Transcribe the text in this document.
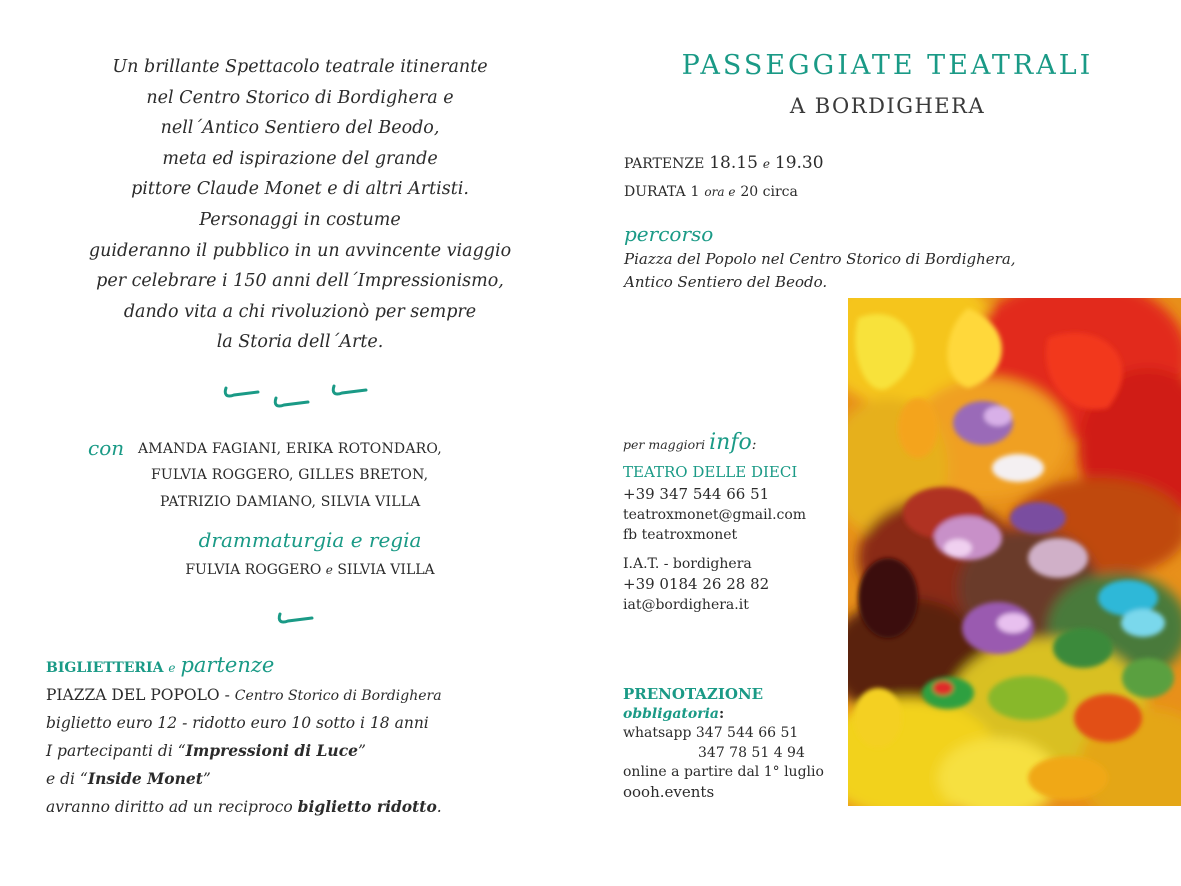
Un brillante Spettacolo teatrale itinerante
nel Centro Storico di Bordighera e
nell´Antico Sentiero del Beodo,
meta ed ispirazione del grande
pittore Claude Monet e di altri Artisti.
Personaggi in costume
guideranno il pubblico in un avvincente viaggio
per celebrare i 150 anni dell´Impressionismo,
dando vita a chi rivoluzionò per sempre
la Storia dell´Arte.
con AMANDA FAGIANI, ERIKA ROTONDARO,
FULVIA ROGGERO, GILLES BRETON,
PATRIZIO DAMIANO, SILVIA VILLA
drammaturgia e regia
FULVIA ROGGERO e SILVIA VILLA
BIGLIETTERIA e partenze
PIAZZA DEL POPOLO - Centro Storico di Bordighera
biglietto euro 12 - ridotto euro 10 sotto i 18 anni
I partecipanti di “Impressioni di Luce”
e di “Inside Monet”
avranno diritto ad un reciproco biglietto ridotto.
PASSEGGIATE TEATRALI
A BORDIGHERA
PARTENZE 18.15 e 19.30
DURATA 1 ora e 20 circa
percorso
Piazza del Popolo nel Centro Storico di Bordighera,
Antico Sentiero del Beodo.
per maggiori info:
TEATRO DELLE DIECI
+39 347 544 66 51
teatroxmonet@gmail.com
fb teatroxmonet
I.A.T. - bordighera
+39 0184 26 28 82
iat@bordighera.it
PRENOTAZIONE
obbligatoria:
whatsapp 347 544 66 51
347 78 51 4 94
online a partire dal 1° luglio
oooh.events
